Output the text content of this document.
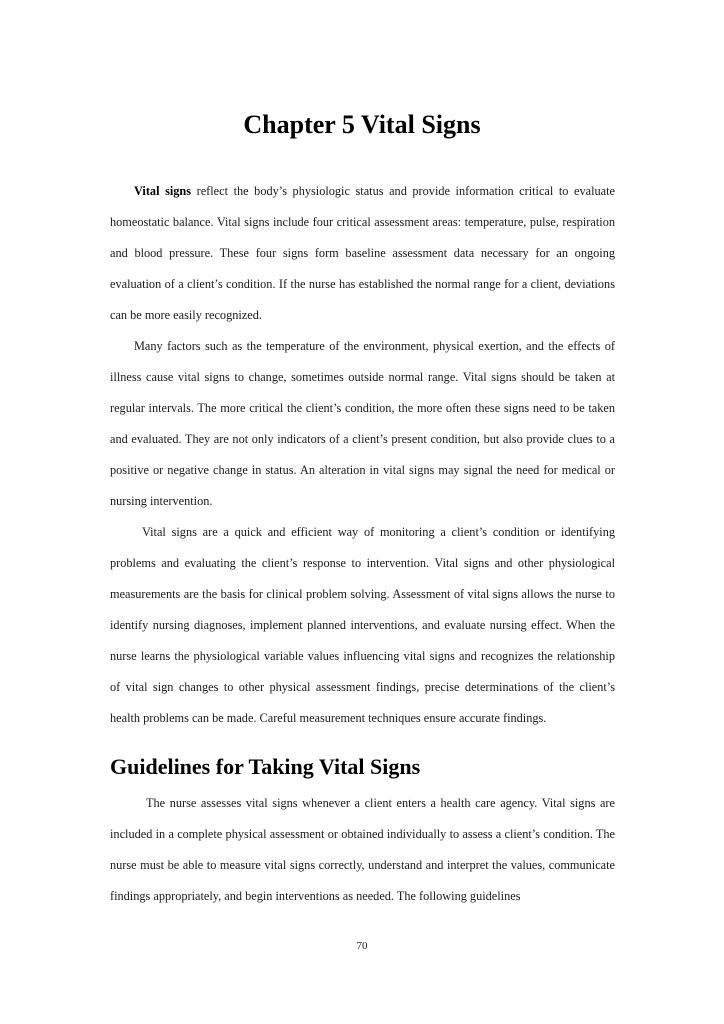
Chapter 5 Vital Signs

Vital signs reflect the body’s physiologic status and provide information critical to evaluate homeostatic balance. Vital signs include four critical assessment areas: temperature, pulse, respiration and blood pressure. These four signs form baseline assessment data necessary for an ongoing evaluation of a client’s condition. If the nurse has established the normal range for a client, deviations can be more easily recognized.

Many factors such as the temperature of the environment, physical exertion, and the effects of illness cause vital signs to change, sometimes outside normal range. Vital signs should be taken at regular intervals. The more critical the client’s condition, the more often these signs need to be taken and evaluated. They are not only indicators of a client’s present condition, but also provide clues to a positive or negative change in status. An alteration in vital signs may signal the need for medical or nursing intervention.

Vital signs are a quick and efficient way of monitoring a client’s condition or identifying problems and evaluating the client’s response to intervention. Vital signs and other physiological measurements are the basis for clinical problem solving. Assessment of vital signs allows the nurse to identify nursing diagnoses, implement planned interventions, and evaluate nursing effect. When the nurse learns the physiological variable values influencing vital signs and recognizes the relationship of vital sign changes to other physical assessment findings, precise determinations of the client’s health problems can be made. Careful measurement techniques ensure accurate findings.

Guidelines for Taking Vital Signs

The nurse assesses vital signs whenever a client enters a health care agency. Vital signs are included in a complete physical assessment or obtained individually to assess a client’s condition. The nurse must be able to measure vital signs correctly, understand and interpret the values, communicate findings appropriately, and begin interventions as needed. The following guidelines

70
